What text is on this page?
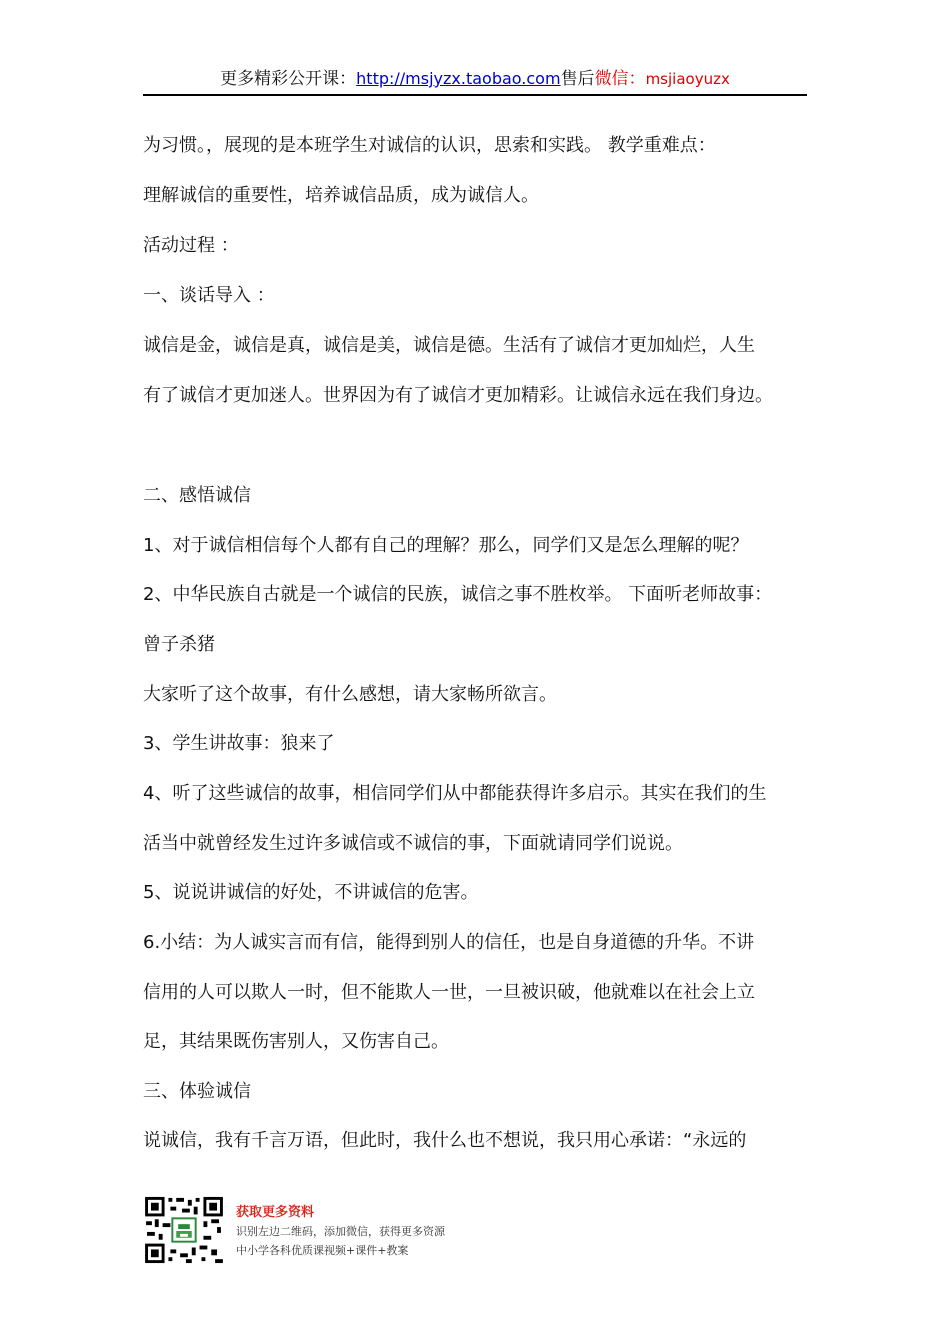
更多精彩公开课：http://msjyzx.taobao.com售后微信：msjiaoyuzx
为习惯。，展现的是本班学生对诚信的认识，思索和实践。 教学重难点：
理解诚信的重要性，培养诚信品质，成为诚信人。
活动过程 ：
一、谈话导入 ：
诚信是金，诚信是真，诚信是美，诚信是德。生活有了诚信才更加灿烂，人生
有了诚信才更加迷人。世界因为有了诚信才更加精彩。让诚信永远在我们身边。
二、感悟诚信
1、对于诚信相信每个人都有自己的理解？那么，同学们又是怎么理解的呢？
2、中华民族自古就是一个诚信的民族，诚信之事不胜枚举。 下面听老师故事：
曾子杀猪
大家听了这个故事，有什么感想，请大家畅所欲言。
3、学生讲故事：狼来了
4、听了这些诚信的故事，相信同学们从中都能获得许多启示。其实在我们的生
活当中就曾经发生过许多诚信或不诚信的事，下面就请同学们说说。
5、说说讲诚信的好处，不讲诚信的危害。
6.小结：为人诚实言而有信，能得到别人的信任，也是自身道德的升华。不讲
信用的人可以欺人一时，但不能欺人一世，一旦被识破，他就难以在社会上立
足，其结果既伤害别人，又伤害自己。
三、体验诚信
说诚信，我有千言万语，但此时，我什么也不想说，我只用心承诺：“永远的
获取更多资料
识别左边二维码，添加微信，获得更多资源
中小学各科优质课视频+课件+教案
